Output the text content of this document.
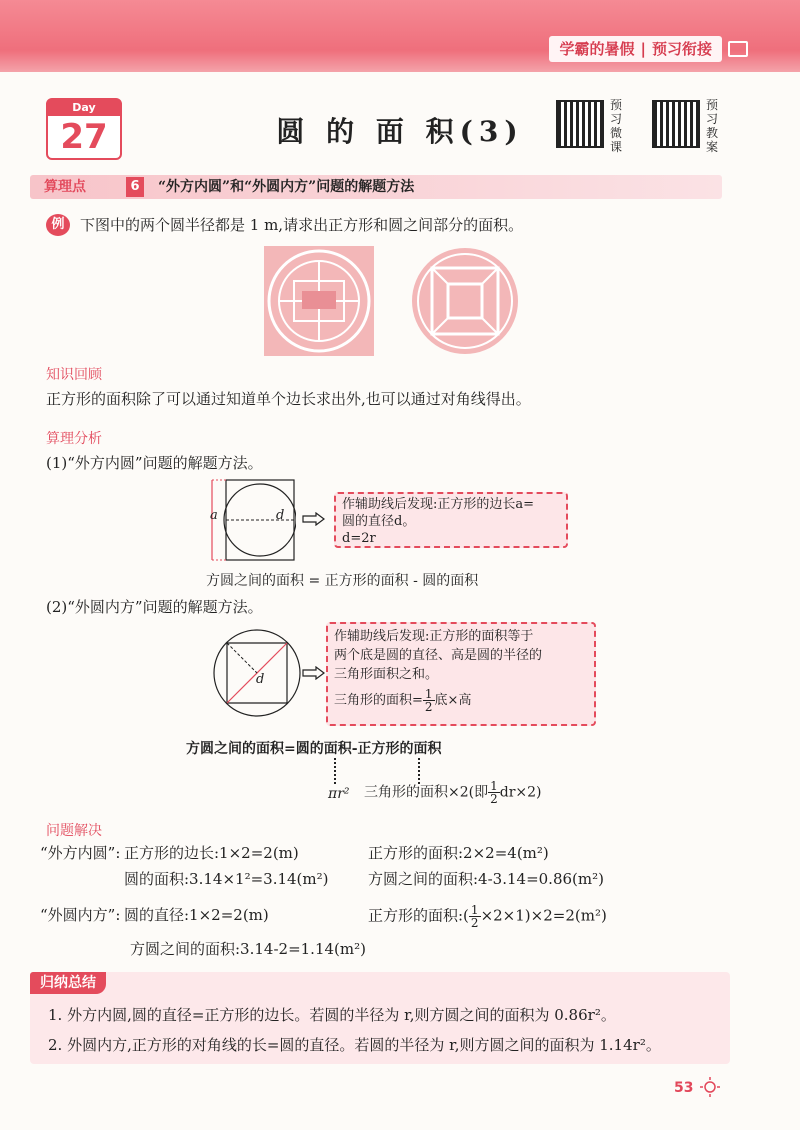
学霸的暑假 | 预习衔接
Day
27	圆 的 面 积(3)
预习微课
预习教案
算理点	6	“外方内圆”和“外圆内方”问题的解题方法
例	下图中的两个圆半径都是 1 m,请求出正方形和圆之间部分的面积。
知识回顾
正方形的面积除了可以通过知道单个边长求出外,也可以通过对角线得出。
算理分析
(1)“外方内圆”问题的解题方法。
a	d
作辅助线后发现:正方形的边长a=
圆的直径d。
d=2r
方圆之间的面积 = 正方形的面积 - 圆的面积
(2)“外圆内方”问题的解题方法。
d
作辅助线后发现:正方形的面积等于
两个底是圆的直径、高是圆的半径的
三角形面积之和。
三角形的面积= $\frac{1}{2}$ 底×高
方圆之间的面积=圆的面积-正方形的面积
πr² 三角形的面积×2(即 $\frac{1}{2} dr\times 2$)
问题解决
“外方内圆”: 正方形的边长:1×2=2(m)	正方形的面积:2×2=4(m²)
圆的面积:3.14×1²=3.14(m²)	方圆之间的面积:4-3.14=0.86(m²)
“外圆内方”: 圆的直径:1×2=2(m)	正方形的面积:( $\frac{1}{2} \times 2\times 1)\times 2=2(m^2)$
方圆之间的面积:3.14-2=1.14(m²)
归纳总结
1. 外方内圆,圆的直径=正方形的边长。若圆的半径为 r,则方圆之间的面积为 0.86r²。
2. 外圆内方,正方形的对角线的长=圆的直径。若圆的半径为 r,则方圆之间的面积为 1.14r²。
53
